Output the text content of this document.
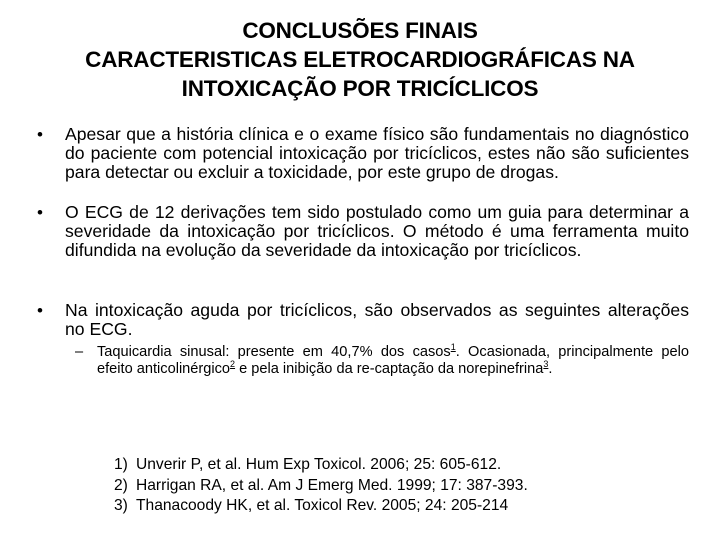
CONCLUSÕES FINAIS
CARACTERISTICAS ELETROCARDIOGRÁFICAS NA
INTOXICAÇÃO POR TRICÍCLICOS
• Apesar que a história clínica e o exame físico são fundamentais no diagnóstico do paciente com potencial intoxicação por tricíclicos, estes não são suficientes para detectar ou excluir a toxicidade, por este grupo de drogas.
• O ECG de 12 derivações tem sido postulado como um guia para determinar a severidade da intoxicação por tricíclicos. O método é uma ferramenta muito difundida na evolução da severidade da intoxicação por tricíclicos.
• Na intoxicação aguda por tricíclicos, são observados as seguintes alterações no ECG.
– Taquicardia sinusal: presente em 40,7% dos casos$^1$. Ocasionada, principalmente pelo efeito anticolinérgico$^2$ e pela inibição da re-captação da norepinefrina$^3$.
1) Unverir P, et al. Hum Exp Toxicol. 2006; 25: 605-612.
2) Harrigan RA, et al. Am J Emerg Med. 1999; 17: 387-393.
3) Thanacoody HK, et al. Toxicol Rev. 2005; 24: 205-214
